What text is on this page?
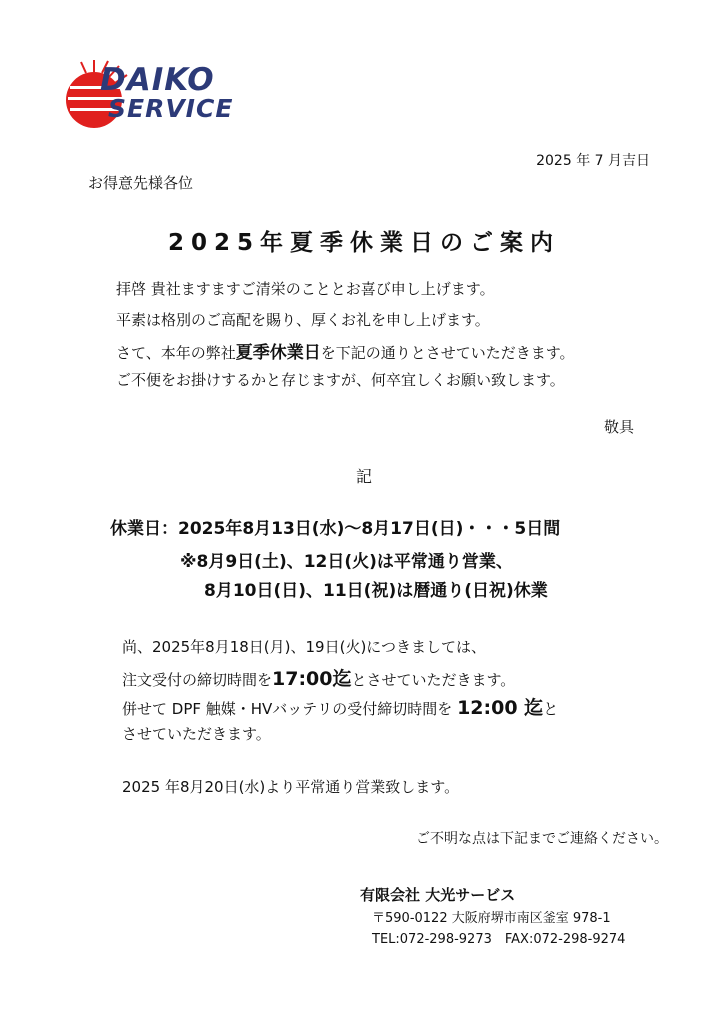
DAIKO
SERVICE
2025 年 7 月吉日
お得意先様各位
2025年夏季休業日のご案内
拝啓 貴社ますますご清栄のこととお喜び申し上げます。
平素は格別のご高配を賜り、厚くお礼を申し上げます。
さて、本年の弊社夏季休業日を下記の通りとさせていただきます。
ご不便をお掛けするかと存じますが、何卒宜しくお願い致します。
敬具
記
休業日：2025年8月13日(水)～8月17日(日)・・・5日間
※8月9日(土)、12日(火)は平常通り営業、
8月10日(日)、11日(祝)は暦通り(日祝)休業
尚、2025年8月18日(月)、19日(火)につきましては、
注文受付の締切時間を17:00迄とさせていただきます。
併せて DPF 触媒・HVバッテリの受付締切時間を 12:00 迄と
させていただきます。
2025 年8月20日(水)より平常通り営業致します。
ご不明な点は下記までご連絡ください。
有限会社 大光サービス
〒590-0122 大阪府堺市南区釜室 978-1
TEL:072-298-9273　FAX:072-298-9274
